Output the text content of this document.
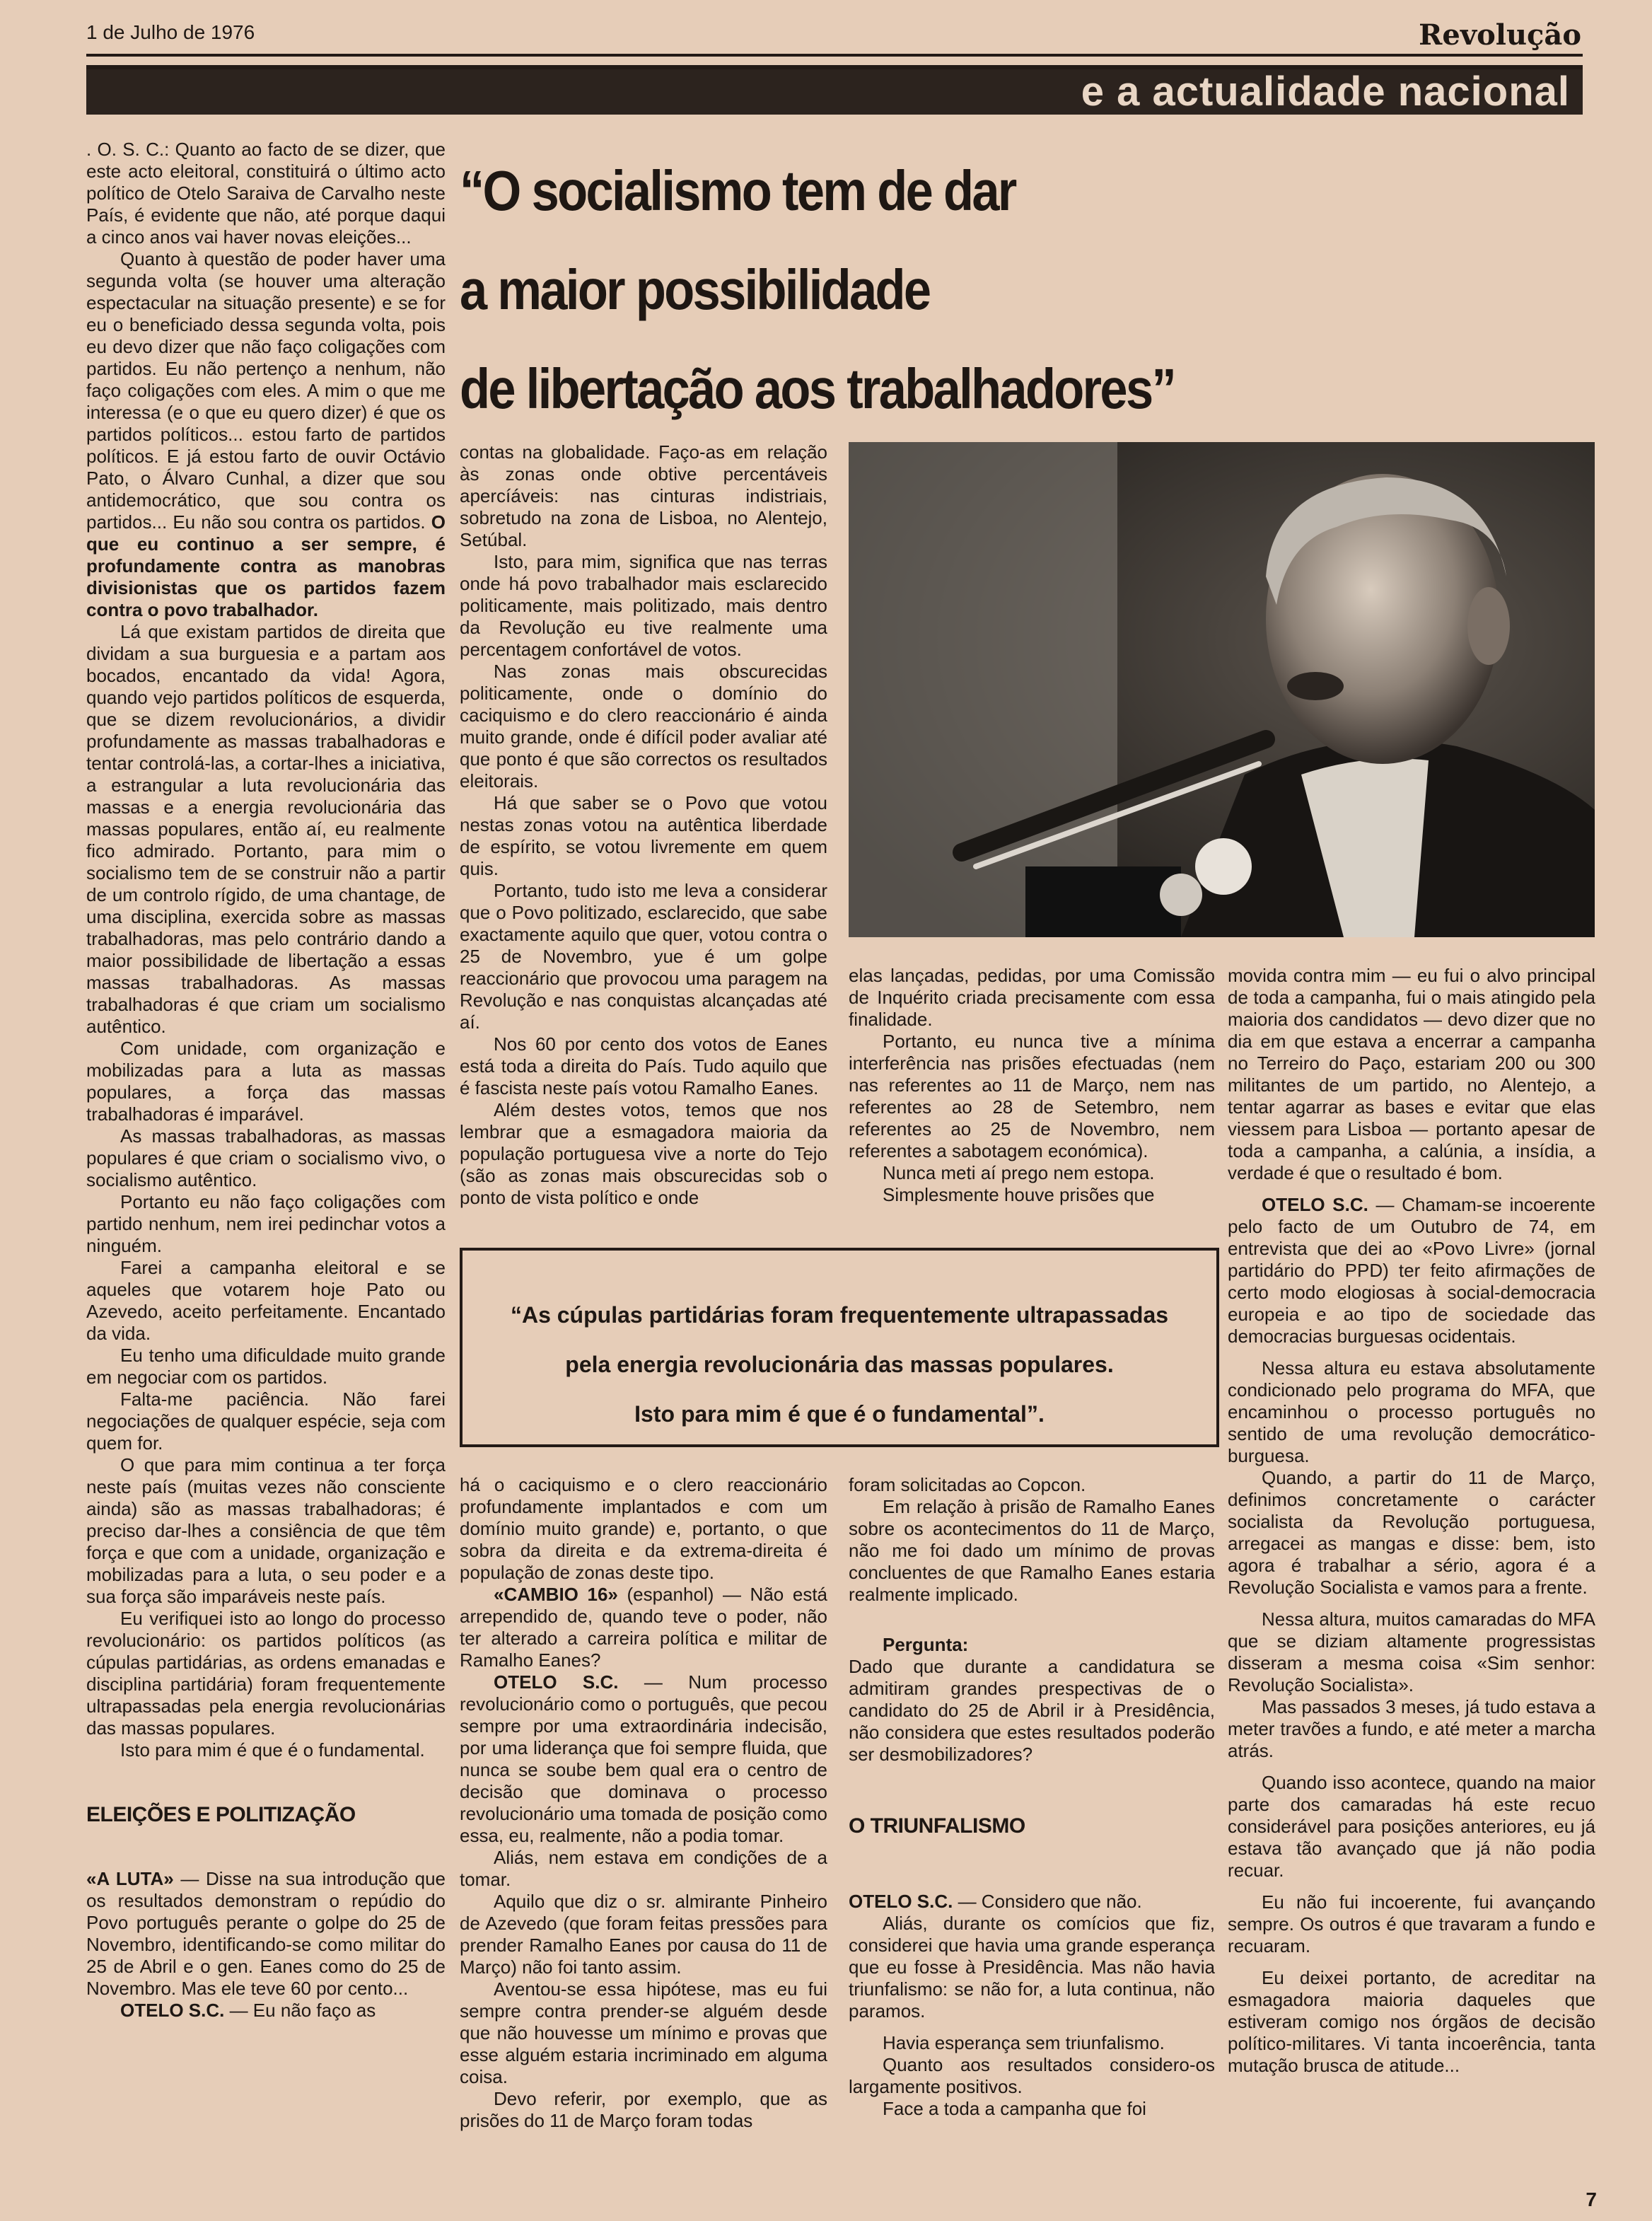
1 de Julho de 1976	Revolução
e a actualidade nacional

. O. S. C.: Quanto ao facto de se dizer, que este acto eleitoral, constituirá o último acto político de Otelo Saraiva de Carvalho neste País, é evidente que não, até porque daqui a cinco anos vai haver novas eleições...

Quanto à questão de poder haver uma segunda volta (se houver uma alteração espectacular na situação presente) e se for eu o beneficiado dessa segunda volta, pois eu devo dizer que não faço coligações com partidos. Eu não pertenço a nenhum, não faço coligações com eles. A mim o que me interessa (e o que eu quero dizer) é que os partidos políticos... estou farto de partidos políticos. E já estou farto de ouvir Octávio Pato, o Álvaro Cunhal, a dizer que sou antidemocrático, que sou contra os partidos... Eu não sou contra os partidos. O que eu continuo a ser sempre, é profundamente contra as manobras divisionistas que os partidos fazem contra o povo trabalhador.

Lá que existam partidos de direita que dividam a sua burguesia e a partam aos bocados, encantado da vida! Agora, quando vejo partidos políticos de esquerda, que se dizem revolucionários, a dividir profundamente as massas trabalhadoras e tentar controlá-las, a cortar-lhes a iniciativa, a estrangular a luta revolucionária das massas e a energia revolucionária das massas populares, então aí, eu realmente fico admirado. Portanto, para mim o socialismo tem de se construir não a partir de um controlo rígido, de uma chantage, de uma disciplina, exercida sobre as massas trabalhadoras, mas pelo contrário dando a maior possibilidade de libertação a essas massas trabalhadoras. As massas trabalhadoras é que criam um socialismo autêntico.

Com unidade, com organização e mobilizadas para a luta as massas populares, a força das massas trabalhadoras é imparável.

As massas trabalhadoras, as massas populares é que criam o socialismo vivo, o socialismo autêntico.

Portanto eu não faço coligações com partido nenhum, nem irei pedinchar votos a ninguém.

Farei a campanha eleitoral e se aqueles que votarem hoje Pato ou Azevedo, aceito perfeitamente. Encantado da vida.

Eu tenho uma dificuldade muito grande em negociar com os partidos.

Falta-me paciência. Não farei negociações de qualquer espécie, seja com quem for.

O que para mim continua a ter força neste país (muitas vezes não consciente ainda) são as massas trabalhadoras; é preciso dar-lhes a consiência de que têm força e que com a unidade, organização e mobilizadas para a luta, o seu poder e a sua força são imparáveis neste país.

Eu verifiquei isto ao longo do processo revolucionário: os partidos políticos (as cúpulas partidárias, as ordens emanadas e disciplina partidária) foram frequentemente ultrapassadas pela energia revolucionárias das massas populares.

Isto para mim é que é o fundamental.

ELEIÇÕES E POLITIZAÇÃO

«A LUTA» — Disse na sua introdução que os resultados demonstram o repúdio do Povo português perante o golpe do 25 de Novembro, identificando-se como militar do 25 de Abril e o gen. Eanes como do 25 de Novembro. Mas ele teve 60 por cento...

OTELO S.C. — Eu não faço as

“O socialismo tem de dar
a maior possibilidade
de libertação aos trabalhadores”

contas na globalidade. Faço-as em relação às zonas onde obtive percentáveis apercíáveis: nas cinturas indistriais, sobretudo na zona de Lisboa, no Alentejo, Setúbal.

Isto, para mim, significa que nas terras onde há povo trabalhador mais esclarecido politicamente, mais politizado, mais dentro da Revolução eu tive realmente uma percentagem confortável de votos.

Nas zonas mais obscurecidas politicamente, onde o domínio do caciquismo e do clero reaccionário é ainda muito grande, onde é difícil poder avaliar até que ponto é que são correctos os resultados eleitorais.

Há que saber se o Povo que votou nestas zonas votou na autêntica liberdade de espírito, se votou livremente em quem quis.

Portanto, tudo isto me leva a considerar que o Povo politizado, esclarecido, que sabe exactamente aquilo que quer, votou contra o 25 de Novembro, yue é um golpe reaccionário que provocou uma paragem na Revolução e nas conquistas alcançadas até aí.

Nos 60 por cento dos votos de Eanes está toda a direita do País. Tudo aquilo que é fascista neste país votou Ramalho Eanes.

Além destes votos, temos que nos lembrar que a esmagadora maioria da população portuguesa vive a norte do Tejo (são as zonas mais obscurecidas sob o ponto de vista político e onde

elas lançadas, pedidas, por uma Comissão de Inquérito criada precisamente com essa finalidade.

Portanto, eu nunca tive a mínima interferência nas prisões efectuadas (nem nas referentes ao 11 de Março, nem nas referentes ao 28 de Setembro, nem referentes ao 25 de Novembro, nem referentes a sabotagem económica).

Nunca meti aí prego nem estopa.

Simplesmente houve prisões que

movida contra mim — eu fui o alvo principal de toda a campanha, fui o mais atingido pela maioria dos candidatos — devo dizer que no dia em que estava a encerrar a campanha no Terreiro do Paço, estariam 200 ou 300 militantes de um partido, no Alentejo, a tentar agarrar as bases e evitar que elas viessem para Lisboa — portanto apesar de toda a campanha, a calúnia, a insídia, a verdade é que o resultado é bom.

OTELO S.C. — Chamam-se incoerente pelo facto de um Outubro de 74, em entrevista que dei ao «Povo Livre» (jornal partidário do PPD) ter feito afirmações de certo modo elogiosas à social-democracia europeia e ao tipo de sociedade das democracias burguesas ocidentais.

Nessa altura eu estava absolutamente condicionado pelo programa do MFA, que encaminhou o processo português no sentido de uma revolução democrático-burguesa.

Quando, a partir do 11 de Março, definimos concretamente o carácter socialista da Revolução portuguesa, arregacei as mangas e disse: bem, isto agora é trabalhar a sério, agora é a Revolução Socialista e vamos para a frente.

Nessa altura, muitos camaradas do MFA que se diziam altamente progressistas disseram a mesma coisa «Sim senhor: Revolução Socialista».

Mas passados 3 meses, já tudo estava a meter travões a fundo, e até meter a marcha atrás.

Quando isso acontece, quando na maior parte dos camaradas há este recuo considerável para posições anteriores, eu já estava tão avançado que já não podia recuar.

Eu não fui incoerente, fui avançando sempre. Os outros é que travaram a fundo e recuaram.

Eu deixei portanto, de acreditar na esmagadora maioria daqueles que estiveram comigo nos órgãos de decisão político-militares. Vi tanta incoerência, tanta mutação brusca de atitude...

“As cúpulas partidárias foram frequentemente ultrapassadas
pela energia revolucionária das massas populares.
Isto para mim é que é o fundamental”.

há o caciquismo e o clero reaccionário profundamente implantados e com um domínio muito grande) e, portanto, o que sobra da direita e da extrema-direita é população de zonas deste tipo.

«CAMBIO 16» (espanhol) — Não está arrependido de, quando teve o poder, não ter alterado a carreira política e militar de Ramalho Eanes?

OTELO S.C. — Num processo revolucionário como o português, que pecou sempre por uma extraordinária indecisão, por uma liderança que foi sempre fluida, que nunca se soube bem qual era o centro de decisão que dominava o processo revolucionário uma tomada de posição como essa, eu, realmente, não a podia tomar.

Aliás, nem estava em condições de a tomar.

Aquilo que diz o sr. almirante Pinheiro de Azevedo (que foram feitas pressões para prender Ramalho Eanes por causa do 11 de Março) não foi tanto assim.

Aventou-se essa hipótese, mas eu fui sempre contra prender-se alguém desde que não houvesse um mínimo e provas que esse alguém estaria incriminado em alguma coisa.

Devo referir, por exemplo, que as prisões do 11 de Março foram todas

foram solicitadas ao Copcon.

Em relação à prisão de Ramalho Eanes sobre os acontecimentos do 11 de Março, não me foi dado um mínimo de provas concluentes de que Ramalho Eanes estaria realmente implicado.

Pergunta:

Dado que durante a candidatura se admitiram grandes prespectivas de o candidato do 25 de Abril ir à Presidência, não considera que estes resultados poderão ser desmobilizadores?

O TRIUNFALISMO

OTELO S.C. — Considero que não.

Aliás, durante os comícios que fiz, considerei que havia uma grande esperança que eu fosse à Presidência. Mas não havia triunfalismo: se não for, a luta continua, não paramos.

Havia esperança sem triunfalismo.

Quanto aos resultados considero-os largamente positivos.

Face a toda a campanha que foi

7
